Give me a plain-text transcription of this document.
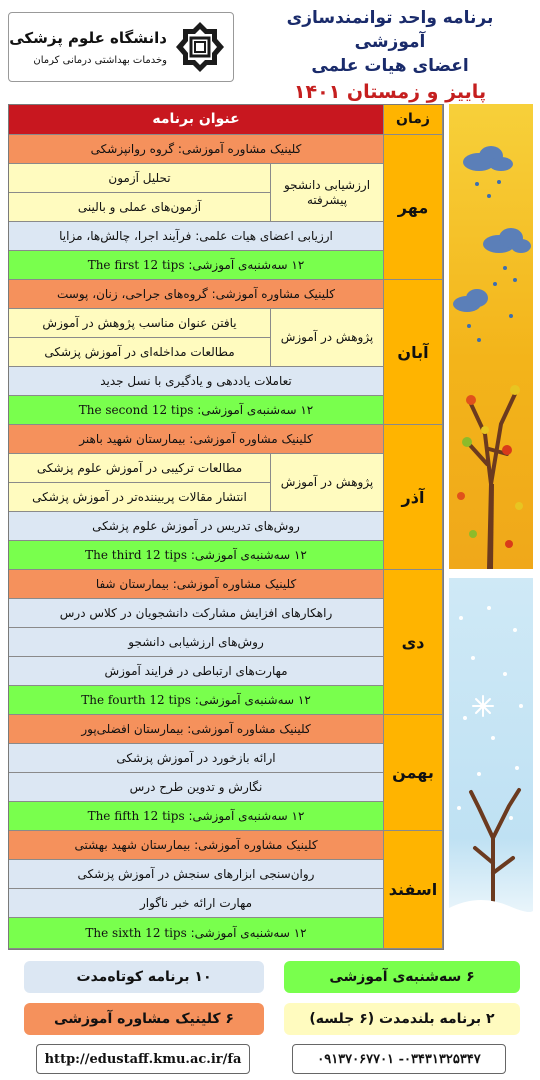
دانشگاه علوم پزشکی
وخدمات بهداشتی درمانی کرمان
برنامه واحد توانمندسازی آموزشی
اعضای هیات علمی
پاییز و زمستان ۱۴۰۱
زمان
عنوان برنامه
مهر
کلینیک مشاوره آموزشی: گروه روانپزشکی
ارزشیابی دانشجو پیشرفته
تحلیل آزمون
آزمون‌های عملی و بالینی
ارزیابی اعضای هیات علمی: فرآیند اجرا، چالش‌ها، مزایا
۱۲ سه‌شنبه‌ی آموزشی: The first 12 tips
آبان
کلینیک مشاوره آموزشی: گروه‌های جراحی، زنان، پوست
پژوهش در آموزش
یافتن عنوان مناسب پژوهش در آموزش
مطالعات مداخله‌ای در آموزش پزشکی
تعاملات یاددهی و یادگیری با نسل جدید
۱۲ سه‌شنبه‌ی آموزشی: The second 12 tips
آذر
کلینیک مشاوره آموزشی: بیمارستان شهید باهنر
پژوهش در آموزش
مطالعات ترکیبی در آموزش علوم پزشکی
انتشار مقالات پربیننده‌تر در آموزش پزشکی
روش‌های تدریس در آموزش علوم پزشکی
۱۲ سه‌شنبه‌ی آموزشی: The third 12 tips
دی
کلینیک مشاوره آموزشی: بیمارستان شفا
راهکارهای افزایش مشارکت دانشجویان در کلاس درس
روش‌های ارزشیابی دانشجو
مهارت‌های ارتباطی در فرایند آموزش
۱۲ سه‌شنبه‌ی آموزشی: The fourth 12 tips
بهمن
کلینیک مشاوره آموزشی: بیمارستان افضلی‌پور
ارائه بازخورد در آموزش پزشکی
نگارش و تدوین طرح درس
۱۲ سه‌شنبه‌ی آموزشی: The fifth 12 tips
اسفند
کلینیک مشاوره آموزشی: بیمارستان شهید بهشتی
روان‌سنجی ابزارهای سنجش در آموزش پزشکی
مهارت ارائه خبر ناگوار
۱۲ سه‌شنبه‌ی آموزشی: The sixth 12 tips
۶ سه‌شنبه‌ی آموزشی
۱۰ برنامه کوتاه‌مدت
۲ برنامه بلندمدت (۶ جلسه)
۶ کلینیک مشاوره آموزشی
http://edustaff.kmu.ac.ir/fa	۰۳۴۳۱۳۲۵۳۴۷- ۰۹۱۳۷۰۶۷۷۰۱
